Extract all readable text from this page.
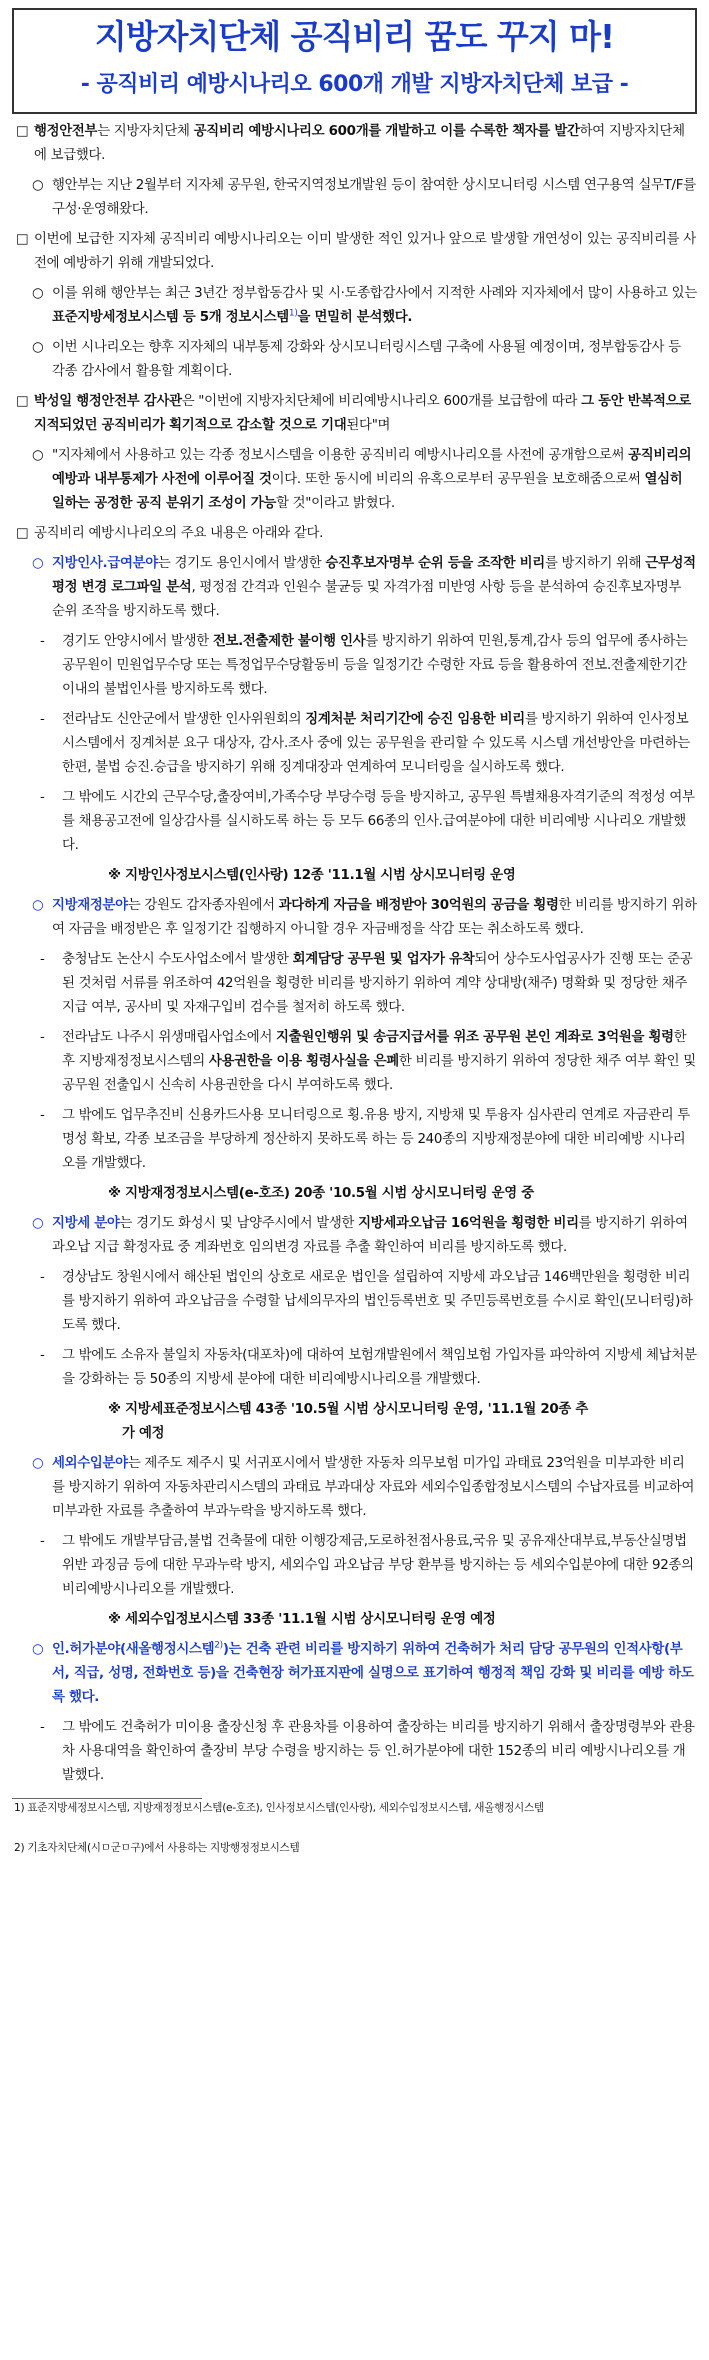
지방자치단체 공직비리 꿈도 꾸지 마!
- 공직비리 예방시나리오 600개 개발 지방자치단체 보급 -
□ 행정안전부는 지방자치단체 공직비리 예방시나리오 600개를 개발하고 이를 수록한 책자를 발간하여 지방자치단체에 보급했다.
○ 행안부는 지난 2월부터 지자체 공무원, 한국지역정보개발원 등이 참여한 상시모니터링 시스템 연구용역 실무T/F를 구성·운영해왔다.
□ 이번에 보급한 지자체 공직비리 예방시나리오는 이미 발생한 적인 있거나 앞으로 발생할 개연성이 있는 공직비리를 사전에 예방하기 위해 개발되었다.
○ 이를 위해 행안부는 최근 3년간 정부합동감사 및 시·도종합감사에서 지적한 사례와 지자체에서 많이 사용하고 있는 표준지방세정보시스템 등 5개 정보시스템$^{1)}$을 면밀히 분석했다.
○ 이번 시나리오는 향후 지자체의 내부통제 강화와 상시모니터링시스템 구축에 사용될 예정이며, 정부합동감사 등 각종 감사에서 활용할 계획이다.
□ 박성일 행정안전부 감사관은 "이번에 지방자치단체에 비리예방시나리오 600개를 보급함에 따라 그 동안 반복적으로 지적되었던 공직비리가 획기적으로 감소할 것으로 기대된다"며
○ "지자체에서 사용하고 있는 각종 정보시스템을 이용한 공직비리 예방시나리오를 사전에 공개함으로써 공직비리의 예방과 내부통제가 사전에 이루어질 것이다. 또한 동시에 비리의 유혹으로부터 공무원을 보호해줌으로써 열심히 일하는 공정한 공직 분위기 조성이 가능할 것"이라고 밝혔다.
□ 공직비리 예방시나리오의 주요 내용은 아래와 같다.
○ 지방인사.급여분야는 경기도 용인시에서 발생한 승진후보자명부 순위 등을 조작한 비리를 방지하기 위해 근무성적평정 변경 로그파일 분석, 평정점 간격과 인원수 불균등 및 자격가점 미반영 사항 등을 분석하여 승진후보자명부 순위 조작을 방지하도록 했다.
- 경기도 안양시에서 발생한 전보.전출제한 불이행 인사를 방지하기 위하여 민원,통계,감사 등의 업무에 종사하는 공무원이 민원업무수당 또는 특정업무수당활동비 등을 일정기간 수령한 자료 등을 활용하여 전보.전출제한기간 이내의 불법인사를 방지하도록 했다.
- 전라남도 신안군에서 발생한 인사위원회의 징계처분 처리기간에 승진 임용한 비리를 방지하기 위하여 인사정보시스템에서 징계처분 요구 대상자, 감사.조사 중에 있는 공무원을 관리할 수 있도록 시스템 개선방안을 마련하는 한편, 불법 승진.승급을 방지하기 위해 징계대장과 연계하여 모니터링을 실시하도록 했다.
- 그 밖에도 시간외 근무수당,출장여비,가족수당 부당수령 등을 방지하고, 공무원 특별채용자격기준의 적정성 여부를 채용공고전에 일상감사를 실시하도록 하는 등 모두 66종의 인사.급여분야에 대한 비리예방 시나리오 개발했다.
※ 지방인사정보시스템(인사랑) 12종 '11.1월 시범 상시모니터링 운영
○ 지방재정분야는 강원도 감자종자원에서 과다하게 자금을 배정받아 30억원의 공금을 횡령한 비리를 방지하기 위하여 자금을 배정받은 후 일정기간 집행하지 아니할 경우 자금배정을 삭감 또는 취소하도록 했다.
- 충청남도 논산시 수도사업소에서 발생한 회계담당 공무원 및 업자가 유착되어 상수도사업공사가 진행 또는 준공된 것처럼 서류를 위조하여 42억원을 횡령한 비리를 방지하기 위하여 계약 상대방(채주) 명확화 및 정당한 채주 지급 여부, 공사비 및 자재구입비 검수를 철저히 하도록 했다.
- 전라남도 나주시 위생매립사업소에서 지출원인행위 및 송금지급서를 위조 공무원 본인 계좌로 3억원을 횡령한 후 지방재정정보시스템의 사용권한을 이용 횡령사실을 은폐한 비리를 방지하기 위하여 정당한 채주 여부 확인 및 공무원 전출입시 신속히 사용권한을 다시 부여하도록 했다.
- 그 밖에도 업무추진비 신용카드사용 모니터링으로 횡.유용 방지, 지방채 및 투융자 심사관리 연계로 자금관리 투명성 확보, 각종 보조금을 부당하게 정산하지 못하도록 하는 등 240종의 지방재정분야에 대한 비리예방 시나리오를 개발했다.
※ 지방재정정보시스템(e-호조) 20종 '10.5월 시범 상시모니터링 운영 중
○ 지방세 분야는 경기도 화성시 및 남양주시에서 발생한 지방세과오납금 16억원을 횡령한 비리를 방지하기 위하여 과오납 지급 확정자료 중 계좌번호 임의변경 자료를 추출 확인하여 비리를 방지하도록 했다.
- 경상남도 창원시에서 해산된 법인의 상호로 새로운 법인을 설립하여 지방세 과오납금 146백만원을 횡령한 비리를 방지하기 위하여 과오납금을 수령할 납세의무자의 법인등록번호 및 주민등록번호를 수시로 확인(모니터링)하도록 했다.
- 그 밖에도 소유자 불일치 자동차(대포차)에 대하여 보험개발원에서 책임보험 가입자를 파악하여 지방세 체납처분을 강화하는 등 50종의 지방세 분야에 대한 비리예방시나리오를 개발했다.
※ 지방세표준정보시스템 43종 '10.5월 시범 상시모니터링 운영, '11.1월 20종 추
가 예정
○ 세외수입분야는 제주도 제주시 및 서귀포시에서 발생한 자동차 의무보험 미가입 과태료 23억원을 미부과한 비리를 방지하기 위하여 자동차관리시스템의 과태료 부과대상 자료와 세외수입종합정보시스템의 수납자료를 비교하여 미부과한 자료를 추출하여 부과누락을 방지하도록 했다.
- 그 밖에도 개발부담금,불법 건축물에 대한 이행강제금,도로하천점사용료,국유 및 공유재산대부료,부동산실명법 위반 과징금 등에 대한 무과누락 방지, 세외수입 과오납금 부당 환부를 방지하는 등 세외수입분야에 대한 92종의 비리예방시나리오를 개발했다.
※ 세외수입정보시스템 33종 '11.1월 시범 상시모니터링 운영 예정
○ 인.허가분야(새올행정시스템$^{2)}$)는 건축 관련 비리를 방지하기 위하여 건축허가 처리 담당 공무원의 인적사항(부서, 직급, 성명, 전화번호 등)을 건축현장 허가표지판에 실명으로 표기하여 행정적 책임 강화 및 비리를 예방 하도록 했다.
- 그 밖에도 건축허가 미이용 출장신청 후 관용차를 이용하여 출장하는 비리를 방지하기 위해서 출장명령부와 관용차 사용대역을 확인하여 출장비 부당 수령을 방지하는 등 인.허가분야에 대한 152종의 비리 예방시나리오를 개발했다.
1) 표준지방세정보시스템, 지방재정정보시스템(e-호조), 인사정보시스템(인사랑), 세외수입정보시스템, 새올행정시스템
2) 기초자치단체(시ㅁ군ㅁ구)에서 사용하는 지방행정정보시스템
